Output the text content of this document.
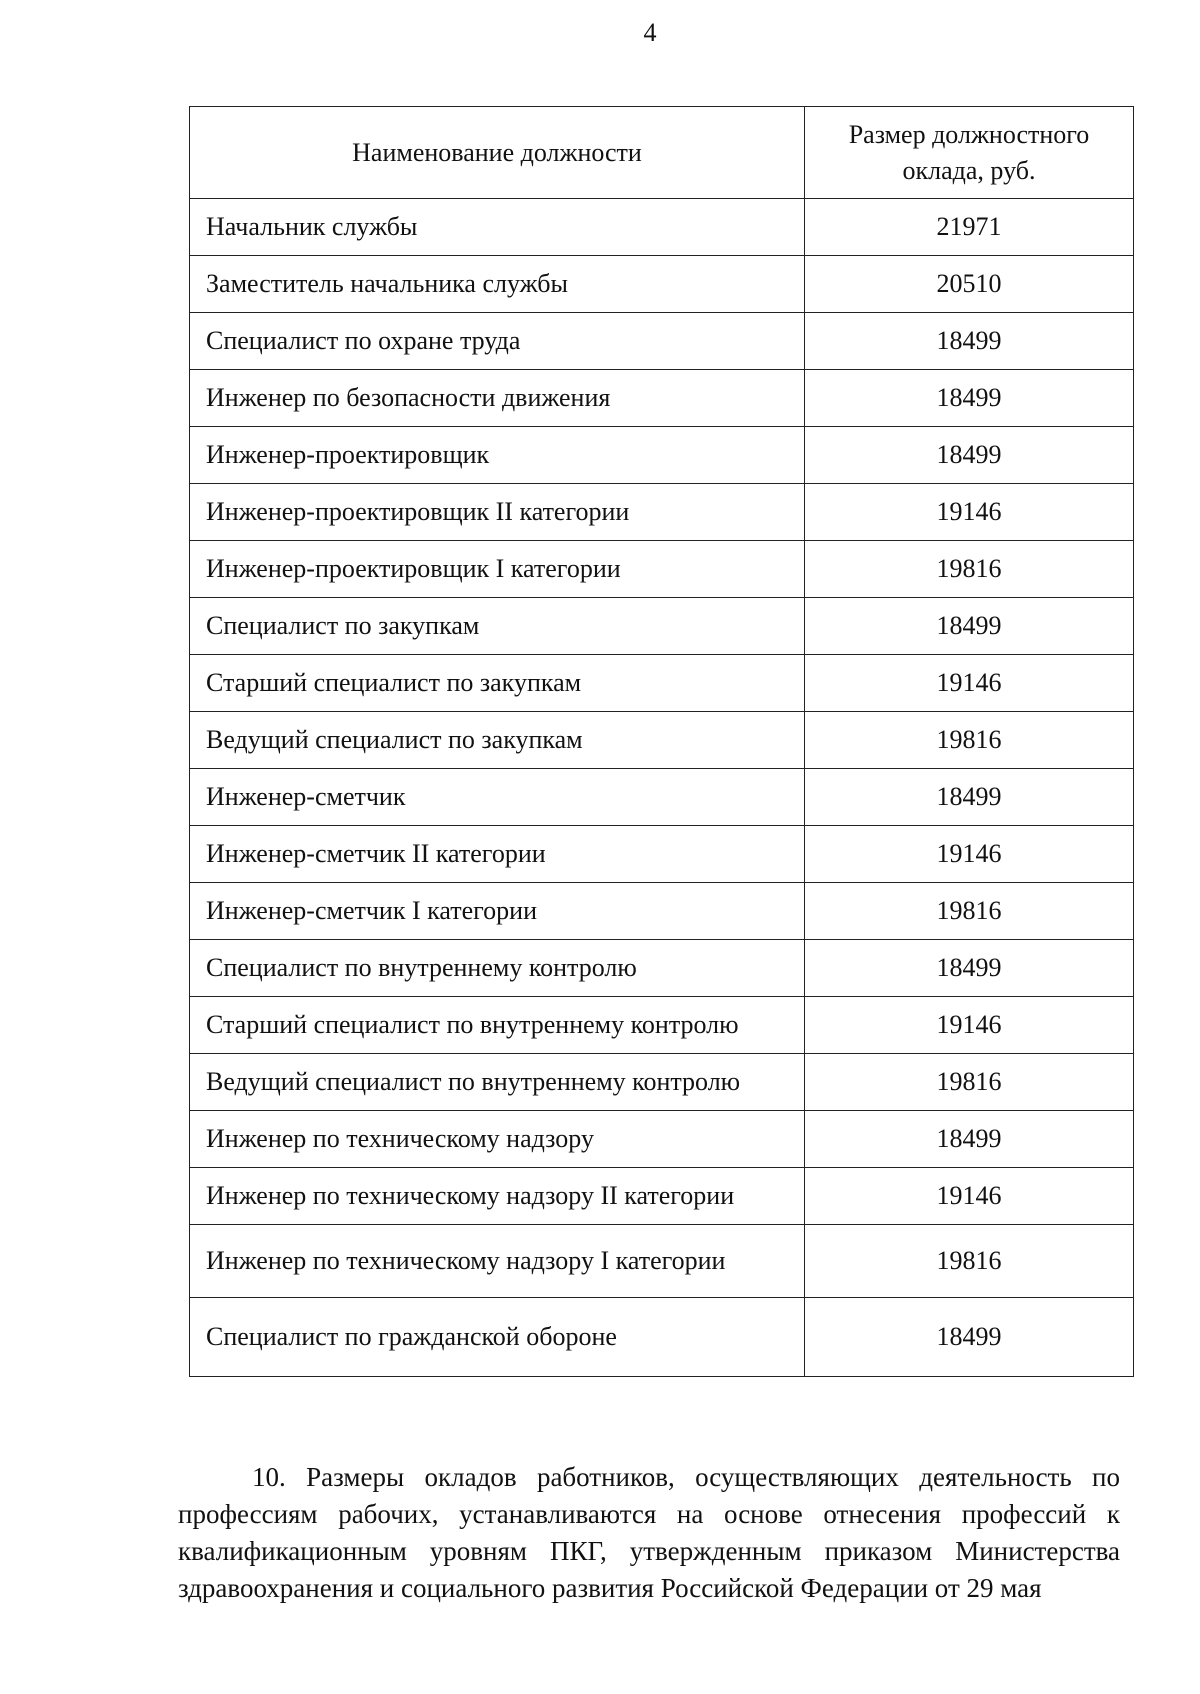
4
Наименование должности	Размер должностного
оклада, руб.
Начальник службы	21971
Заместитель начальника службы	20510
Специалист по охране труда	18499
Инженер по безопасности движения	18499
Инженер-проектировщик	18499
Инженер-проектировщик II категории	19146
Инженер-проектировщик I категории	19816
Специалист по закупкам	18499
Старший специалист по закупкам	19146
Ведущий специалист по закупкам	19816
Инженер-сметчик	18499
Инженер-сметчик II категории	19146
Инженер-сметчик I категории	19816
Специалист по внутреннему контролю	18499
Старший специалист по внутреннему контролю	19146
Ведущий специалист по внутреннему контролю	19816
Инженер по техническому надзору	18499
Инженер по техническому надзору II категории	19146
Инженер по техническому надзору I категории	19816
Специалист по гражданской обороне	18499

10. Размеры окладов работников, осуществляющих деятельность по профессиям рабочих, устанавливаются на основе отнесения профессий к квалификационным уровням ПКГ, утвержденным приказом Министерства здравоохранения и социального развития Российской Федерации от 29 мая
